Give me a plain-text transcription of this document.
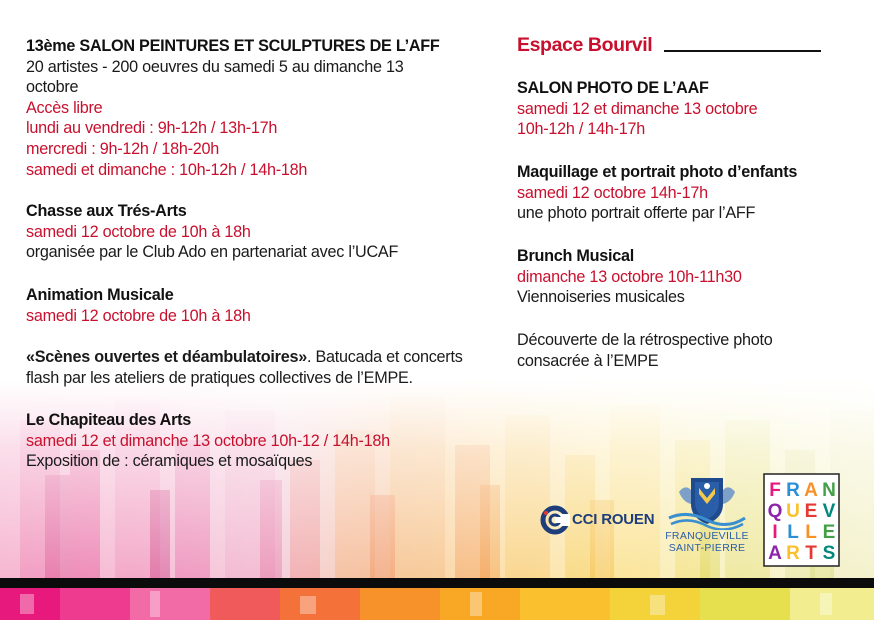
13ème SALON PEINTURES ET SCULPTURES DE L’AFF
20 artistes - 200 oeuvres du samedi 5 au dimanche 13
octobre
Accès libre
lundi au vendredi : 9h-12h / 13h-17h
mercredi : 9h-12h / 18h-20h
samedi et dimanche : 10h-12h / 14h-18h
Chasse aux Trés-Arts
samedi 12 octobre de 10h à 18h
organisée par le Club Ado en partenariat avec l’UCAF
Animation Musicale
samedi 12 octobre de 10h à 18h
«Scènes ouvertes et déambulatoires». Batucada et concerts
flash par les ateliers de pratiques collectives de l’EMPE.
Le Chapiteau des Arts
samedi 12 et dimanche 13 octobre 10h-12 / 14h-18h
Exposition de : céramiques et mosaïques
Espace Bourvil
SALON PHOTO DE L’AAF
samedi 12 et dimanche 13 octobre
10h-12h / 14h-17h
Maquillage et portrait photo d’enfants
samedi 12 octobre 14h-17h
une photo portrait offerte par l’AFF
Brunch Musical
dimanche 13 octobre 10h-11h30
Viennoiseries musicales
Découverte de la rétrospective photo
consacrée à l’EMPE
CCI ROUEN
FRANQUEVILLE
SAINT-PIERRE
F R A N
Q U E V
I L L E
A R T S
